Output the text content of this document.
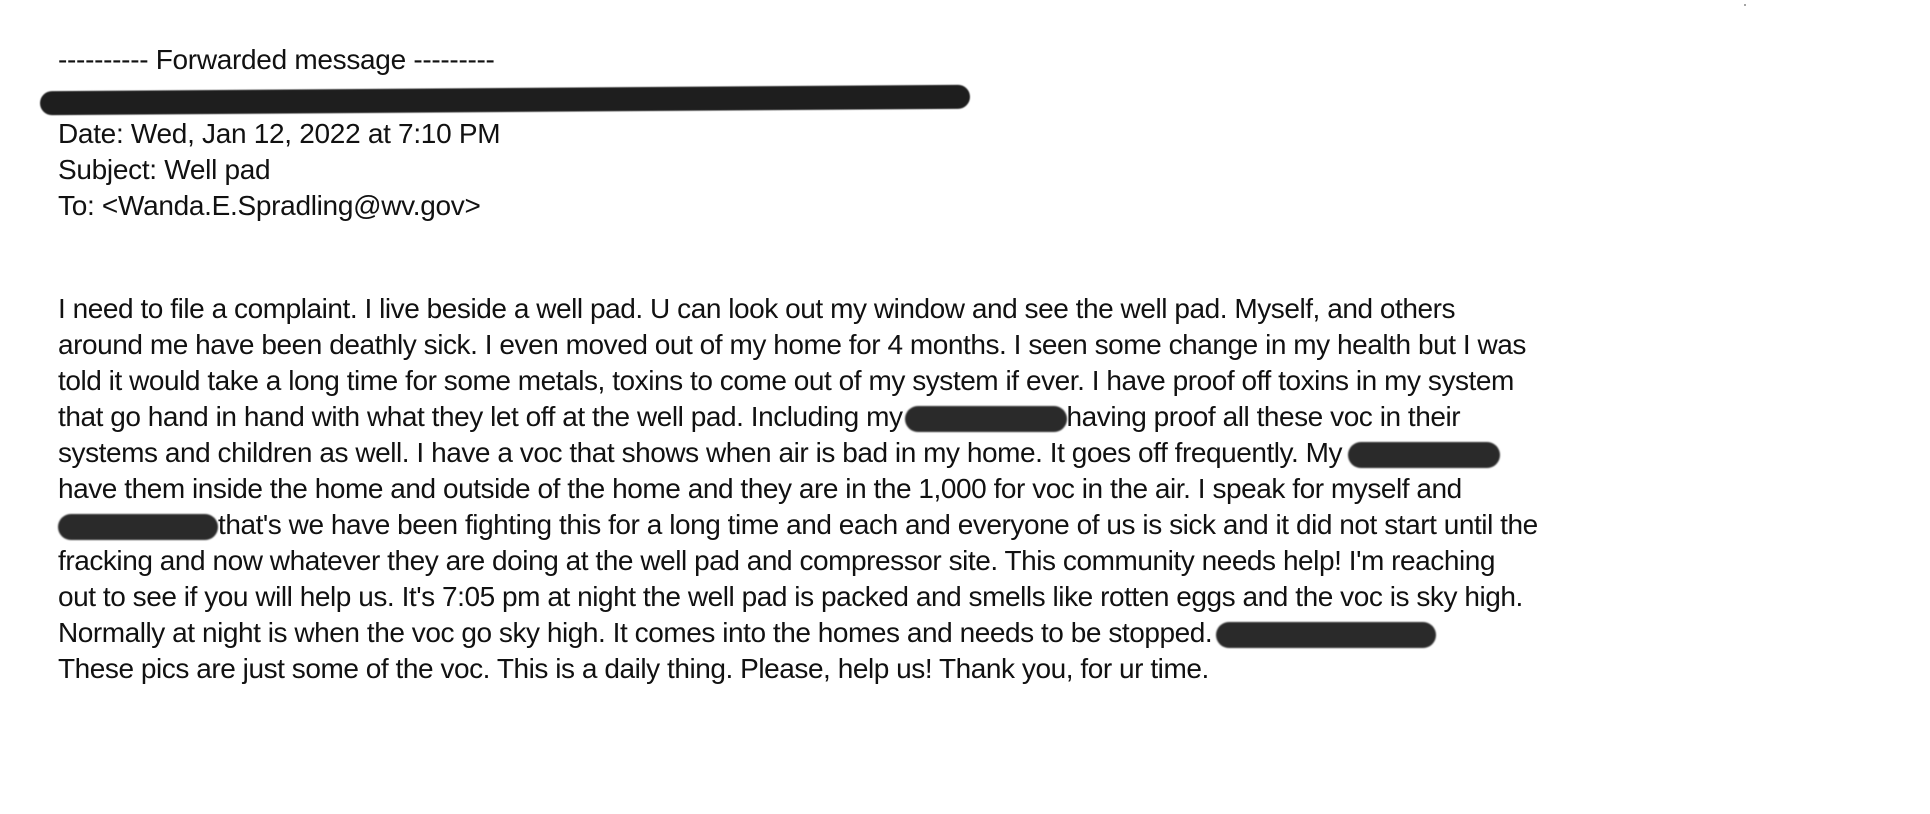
---------- Forwarded message ---------
Date: Wed, Jan 12, 2022 at 7:10 PM
Subject: Well pad
To: <Wanda.E.Spradling@wv.gov>
I need to file a complaint. I live beside a well pad. U can look out my window and see the well pad. Myself, and others
around me have been deathly sick. I even moved out of my home for 4 months. I seen some change in my health but I was
told it would take a long time for some metals, toxins to come out of my system if ever. I have proof off toxins in my system
that go hand in hand with what they let off at the well pad. Including my	having proof all these voc in their
systems and children as well. I have a voc that shows when air is bad in my home. It goes off frequently. My
have them inside the home and outside of the home and they are in the 1,000 for voc in the air. I speak for myself and
that's we have been fighting this for a long time and each and everyone of us is sick and it did not start until the
fracking and now whatever they are doing at the well pad and compressor site. This community needs help! I'm reaching
out to see if you will help us. It's 7:05 pm at night the well pad is packed and smells like rotten eggs and the voc is sky high.
Normally at night is when the voc go sky high. It comes into the homes and needs to be stopped.
These pics are just some of the voc. This is a daily thing. Please, help us! Thank you, for ur time.
